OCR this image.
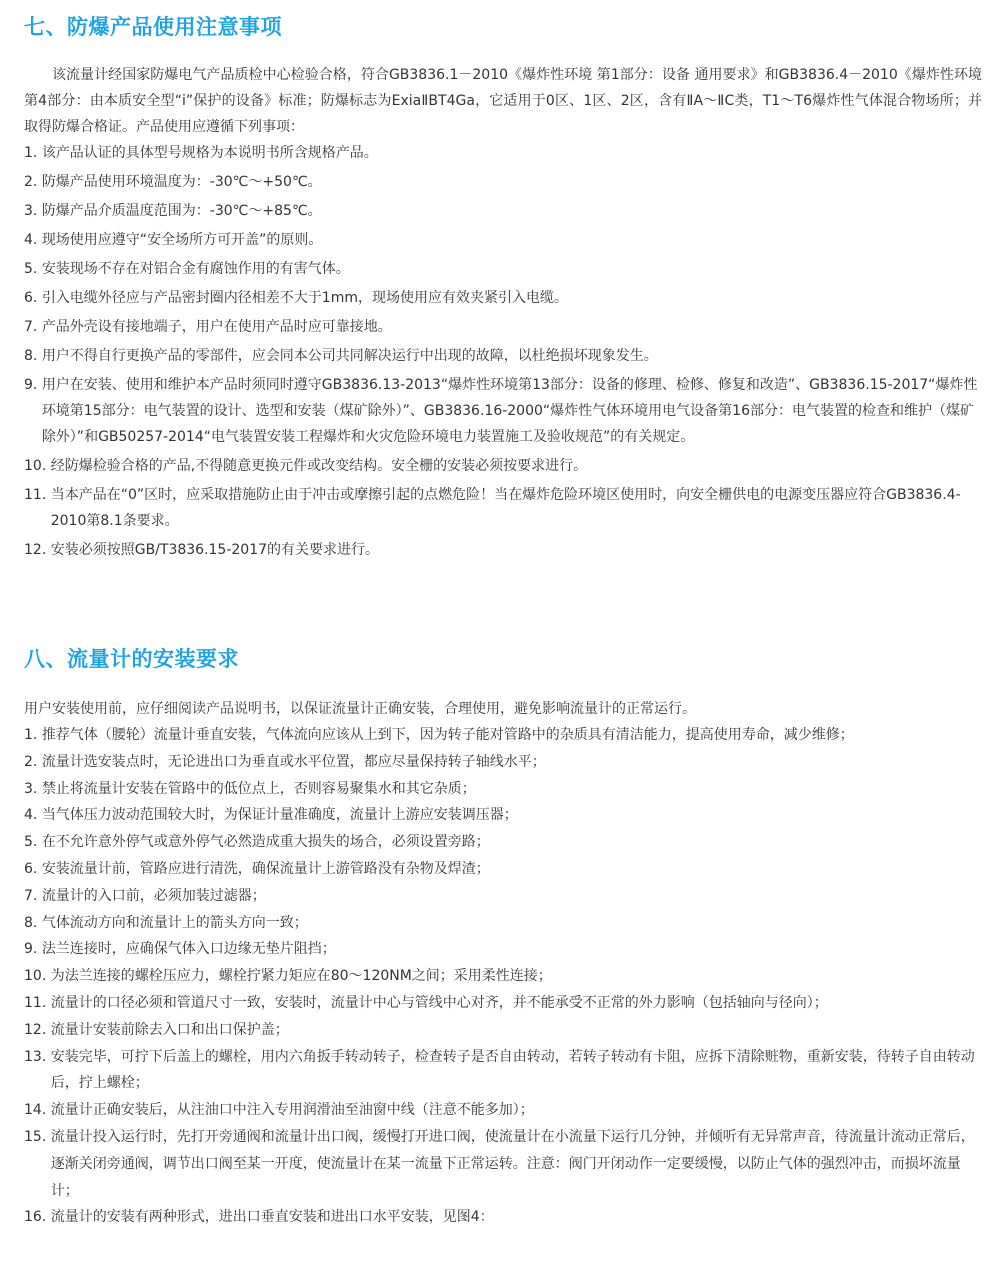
七、防爆产品使用注意事项

该流量计经国家防爆电气产品质检中心检验合格，符合GB3836.1－2010《爆炸性环境 第1部分：设备 通用要求》和GB3836.4－2010《爆炸性环境 第4部分：由本质安全型“i”保护的设备》标准；防爆标志为ExiaⅡBT4Ga，它适用于0区、1区、2区，含有ⅡA～ⅡC类，T1～T6爆炸性气体混合物场所；并取得防爆合格证。产品使用应遵循下列事项：

1. 该产品认证的具体型号规格为本说明书所含规格产品。
2. 防爆产品使用环境温度为：-30℃～+50℃。
3. 防爆产品介质温度范围为：-30℃～+85℃。
4. 现场使用应遵守“安全场所方可开盖”的原则。
5. 安装现场不存在对铝合金有腐蚀作用的有害气体。
6. 引入电缆外径应与产品密封圈内径相差不大于1mm，现场使用应有效夹紧引入电缆。
7. 产品外壳设有接地端子，用户在使用产品时应可靠接地。
8. 用户不得自行更换产品的零部件，应会同本公司共同解决运行中出现的故障，以杜绝损坏现象发生。
9. 用户在安装、使用和维护本产品时须同时遵守GB3836.13-2013“爆炸性环境第13部分：设备的修理、检修、修复和改造”、GB3836.15-2017“爆炸性环境第15部分：电气装置的设计、选型和安装（煤矿除外）”、GB3836.16-2000“爆炸性气体环境用电气设备第16部分：电气装置的检查和维护（煤矿除外）”和GB50257-2014“电气装置安装工程爆炸和火灾危险环境电力装置施工及验收规范”的有关规定。
10. 经防爆检验合格的产品,不得随意更换元件或改变结构。安全栅的安装必须按要求进行。
11. 当本产品在“0”区时，应采取措施防止由于冲击或摩擦引起的点燃危险！当在爆炸危险环境区使用时，向安全栅供电的电源变压器应符合GB3836.4-2010第8.1条要求。
12. 安装必须按照GB/T3836.15-2017的有关要求进行。
八、流量计的安装要求

用户安装使用前，应仔细阅读产品说明书，以保证流量计正确安装，合理使用，避免影响流量计的正常运行。

1. 推荐气体（腰轮）流量计垂直安装，气体流向应该从上到下，因为转子能对管路中的杂质具有清洁能力，提高使用寿命，减少维修；
2. 流量计选安装点时，无论进出口为垂直或水平位置，都应尽量保持转子轴线水平；
3. 禁止将流量计安装在管路中的低位点上，否则容易聚集水和其它杂质；
4. 当气体压力波动范围较大时，为保证计量准确度，流量计上游应安装调压器；
5. 在不允许意外停气或意外停气必然造成重大损失的场合，必须设置旁路；
6. 安装流量计前，管路应进行清洗，确保流量计上游管路没有杂物及焊渣；
7. 流量计的入口前，必须加装过滤器；
8. 气体流动方向和流量计上的箭头方向一致；
9. 法兰连接时，应确保气体入口边缘无垫片阻挡；
10. 为法兰连接的螺栓压应力，螺栓拧紧力矩应在80～120NM之间；采用柔性连接；
11. 流量计的口径必须和管道尺寸一致，安装时，流量计中心与管线中心对齐，并不能承受不正常的外力影响（包括轴向与径向）；
12. 流量计安装前除去入口和出口保护盖；
13. 安装完毕，可拧下后盖上的螺栓，用内六角扳手转动转子，检查转子是否自由转动，若转子转动有卡阻，应拆下清除赃物，重新安装，待转子自由转动后，拧上螺栓；
14. 流量计正确安装后，从注油口中注入专用润滑油至油窗中线（注意不能多加）；
15. 流量计投入运行时，先打开旁通阀和流量计出口阀，缓慢打开进口阀，使流量计在小流量下运行几分钟，并倾听有无异常声音，待流量计流动正常后，逐渐关闭旁通阀，调节出口阀至某一开度，使流量计在某一流量下正常运转。注意：阀门开闭动作一定要缓慢，以防止气体的强烈冲击，而损坏流量计；
16. 流量计的安装有两种形式，进出口垂直安装和进出口水平安装，见图4：
